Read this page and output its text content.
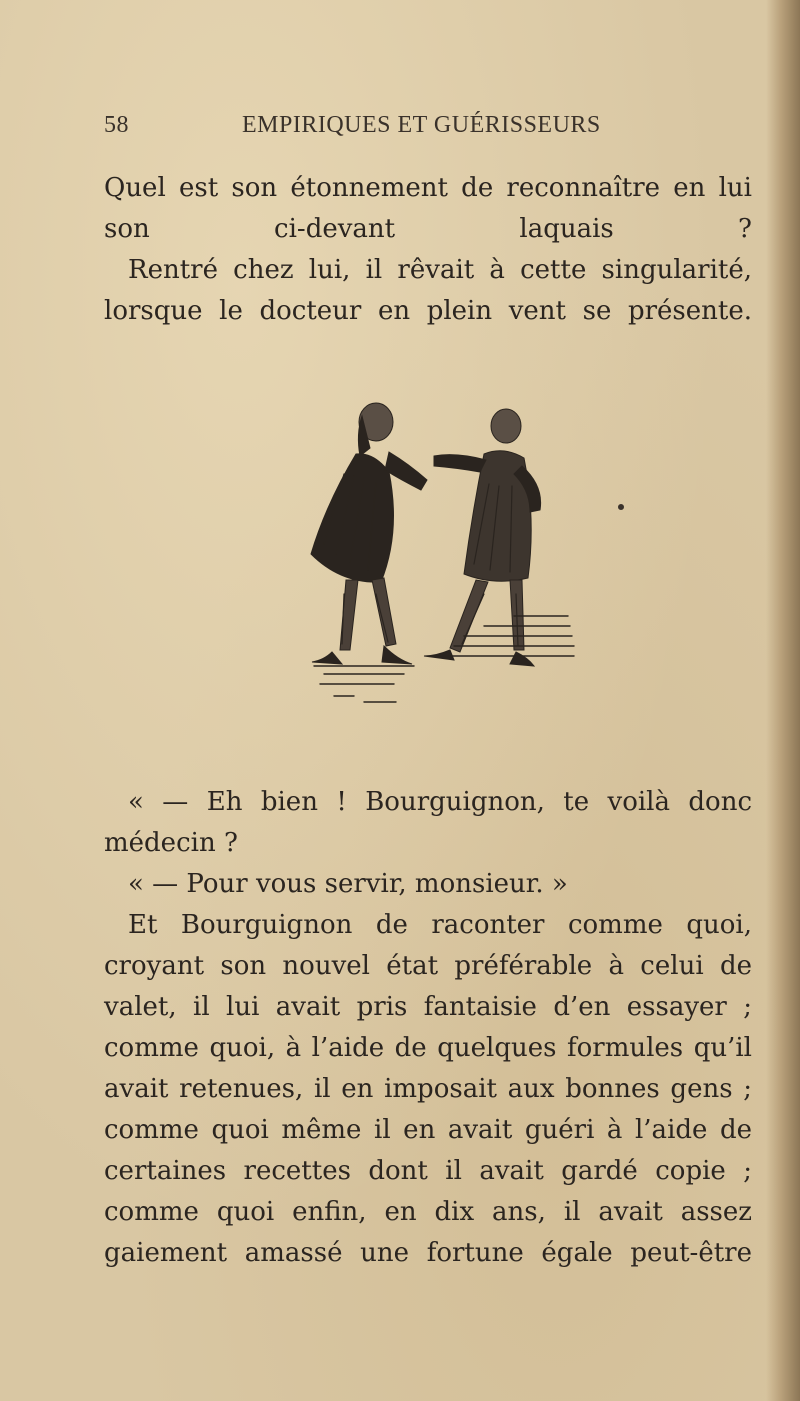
58	EMPIRIQUES ET GUÉRISSEURS

Quel est son étonnement de reconnaître en lui son ci-devant laquais ?

Rentré chez lui, il rêvait à cette singularité, lorsque le docteur en plein vent se présente.

« — Eh bien ! Bourguignon, te voilà donc médecin ?

« — Pour vous servir, monsieur. »

Et Bourguignon de raconter comme quoi, croyant son nouvel état préférable à celui de valet, il lui avait pris fantaisie d’en essayer ; comme quoi, à l’aide de quelques formules qu’il avait retenues, il en imposait aux bonnes gens ; comme quoi même il en avait guéri à l’aide de certaines recettes dont il avait gardé copie ; comme quoi enfin, en dix ans, il avait assez gaiement amassé une fortune égale peut-être
